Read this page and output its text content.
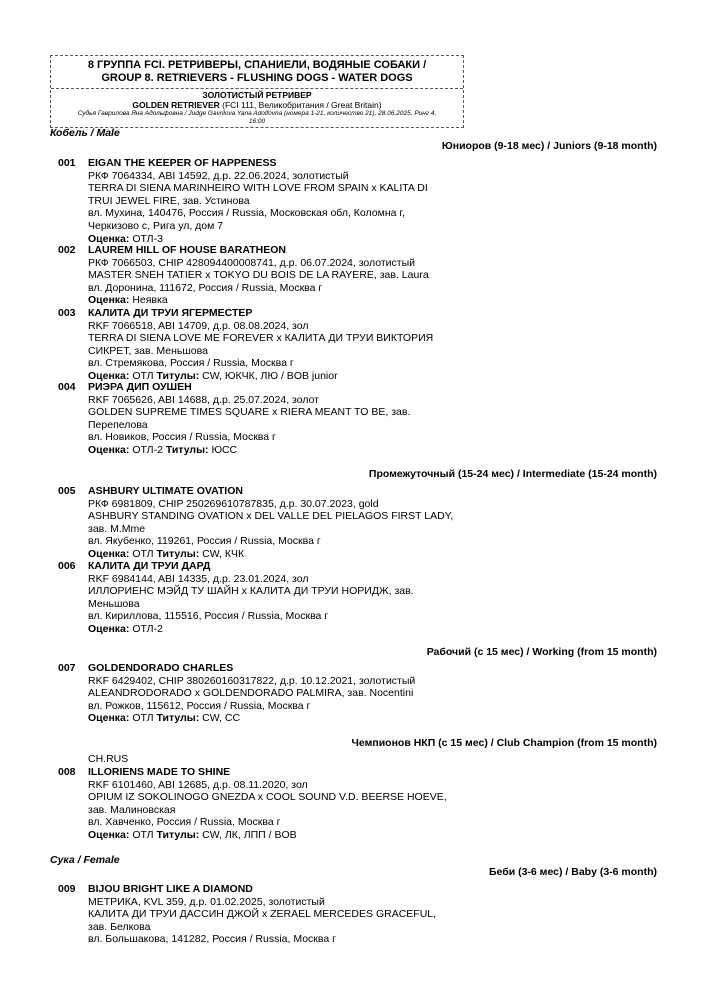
8 ГРУППА FCI. РЕТРИВЕРЫ, СПАНИЕЛИ, ВОДЯНЫЕ СОБАКИ /
GROUP 8. RETRIEVERS - FLUSHING DOGS - WATER DOGS
ЗОЛОТИСТЫЙ РЕТРИВЕР
GOLDEN RETRIEVER (FCI 111, Великобритания / Great Britain)
Судья Гаврилова Яна Адольфовна / Judge Gavrilova Yana Adolfovna (номера 1-21, количество 21), 28.06.2025, Ринг 4,
16:00
Кобель / Male
Юниоров (9-18 мес) / Juniors (9-18 month)
001 EIGAN THE KEEPER OF HAPPENESS
РКФ 7064334, ABI 14592, д.р. 22.06.2024, золотистый
TERRA DI SIENA MARINHEIRO WITH LOVE FROM SPAIN x KALITA DI
TRUI JEWEL FIRE, зав. Устинова
вл. Мухина, 140476, Россия / Russia, Московская обл, Коломна г,
Черкизово с, Рига ул, дом 7
Оценка: ОТЛ-3
002 LAUREM HILL OF HOUSE BARATHEON
РКФ 7066503, CHIP 428094400008741, д.р. 06.07.2024, золотистый
MASTER SNEH TATIER x TOKYO DU BOIS DE LA RAYERE, зав. Laura
вл. Доронина, 111672, Россия / Russia, Москва г
Оценка: Неявка
003 КАЛИТА ДИ ТРУИ ЯГЕРМЕСТЕР
RKF 7066518, ABI 14709, д.р. 08.08.2024, зол
TERRA DI SIENA LOVE ME FOREVER x КАЛИТА ДИ ТРУИ ВИКТОРИЯ
СИКРЕТ, зав. Меньшова
вл. Стремякова, Россия / Russia, Москва г
Оценка: ОТЛ Титулы: CW, ЮКЧК, ЛЮ / BOB junior
004 РИЭРА ДИП ОУШЕН
RKF 7065626, ABI 14688, д.р. 25.07.2024, золот
GOLDEN SUPREME TIMES SQUARE x RIERA MEANT TO BE, зав.
Перепелова
вл. Новиков, Россия / Russia, Москва г
Оценка: ОТЛ-2 Титулы: ЮСС
Промежуточный (15-24 мес) / Intermediate (15-24 month)
005 ASHBURY ULTIMATE OVATION
РКФ 6981809, CHIP 250269610787835, д.р. 30.07.2023, gold
ASHBURY STANDING OVATION x DEL VALLE DEL PIELAGOS FIRST LADY,
зав. M.Mme
вл. Якубенко, 119261, Россия / Russia, Москва г
Оценка: ОТЛ Титулы: CW, КЧК
006 КАЛИТА ДИ ТРУИ ДАРД
RKF 6984144, ABI 14335, д.р. 23.01.2024, зол
ИЛЛОРИЕНС МЭЙД ТУ ШАЙН x КАЛИТА ДИ ТРУИ НОРИДЖ, зав.
Меньшова
вл. Кириллова, 115516, Россия / Russia, Москва г
Оценка: ОТЛ-2
Рабочий (с 15 мес) / Working (from 15 month)
007 GOLDENDORADO CHARLES
RKF 6429402, CHIP 380260160317822, д.р. 10.12.2021, золотистый
ALEANDRODORADO x GOLDENDORADO PALMIRA, зав. Nocentini
вл. Рожков, 115612, Россия / Russia, Москва г
Оценка: ОТЛ Титулы: CW, CC
Чемпионов НКП (с 15 мес) / Club Champion (from 15 month)
CH.RUS
008 ILLORIENS MADE TO SHINE
RKF 6101460, ABI 12685, д.р. 08.11.2020, зол
OPIUM IZ SOKOLINOGO GNEZDA x COOL SOUND V.D. BEERSE HOEVE,
зав. Малиновская
вл. Хавченко, Россия / Russia, Москва г
Оценка: ОТЛ Титулы: CW, ЛК, ЛПП / BOB
Сука / Female
Беби (3-6 мес) / Baby (3-6 month)
009 BIJOU BRIGHT LIKE A DIAMOND
МЕТРИКА, KVL 359, д.р. 01.02.2025, золотистый
КАЛИТА ДИ ТРУИ ДАССИН ДЖОЙ x ZERAEL MERCEDES GRACEFUL,
зав. Белкова
вл. Большакова, 141282, Россия / Russia, Москва г
